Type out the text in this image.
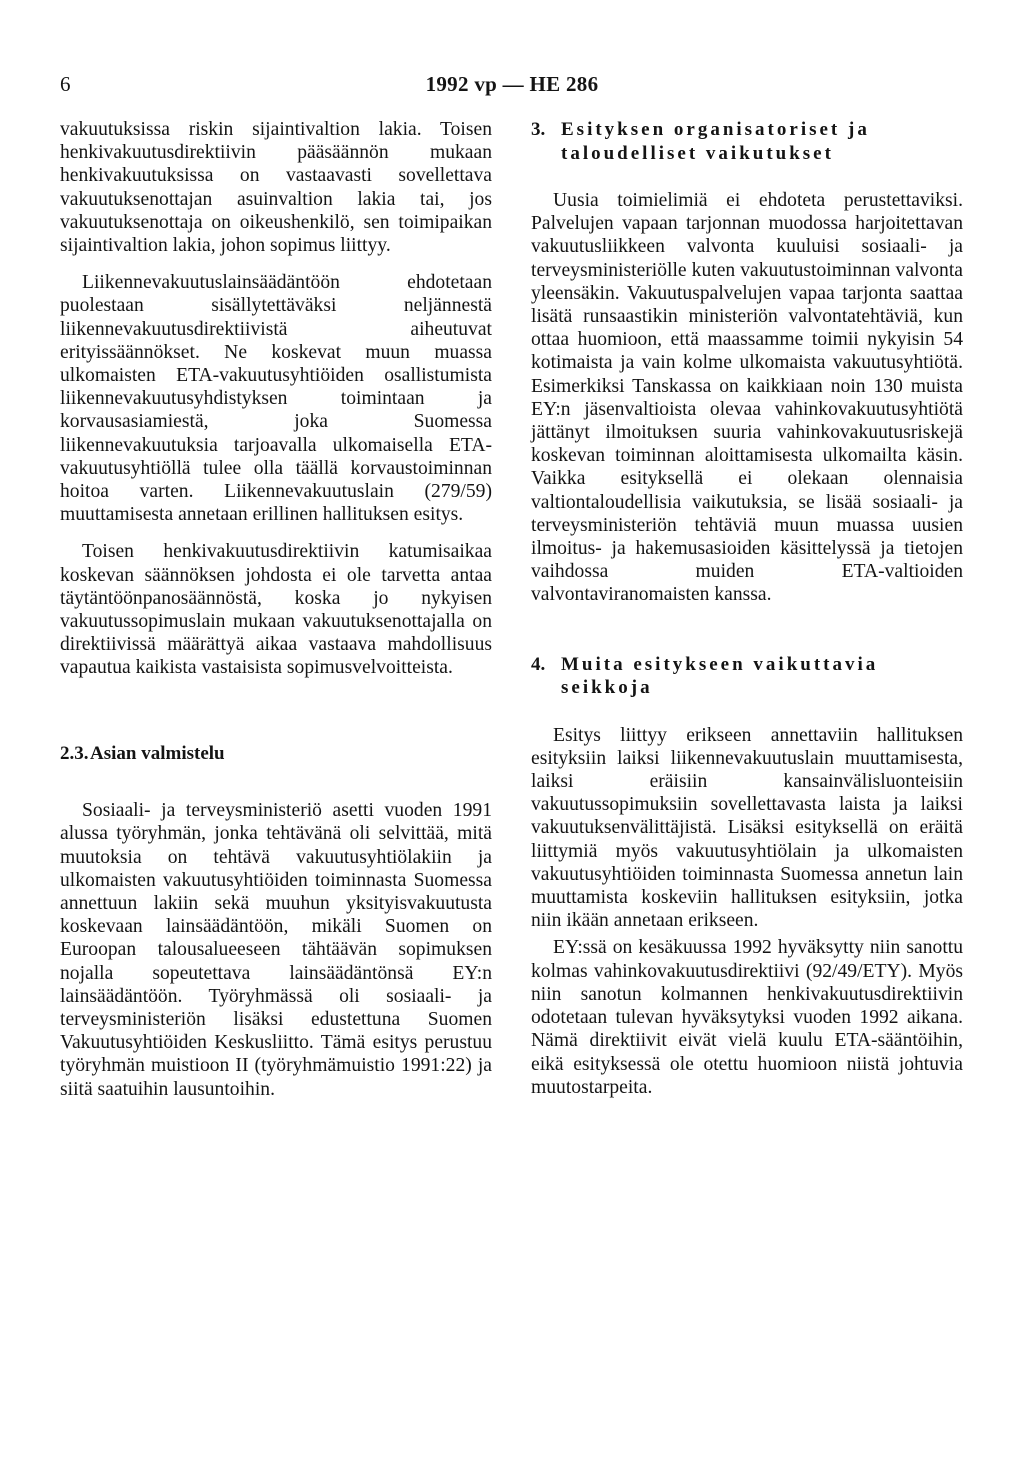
6	1992 vp — HE 286

vakuutuksissa riskin sijaintivaltion lakia. Toisen henkivakuutusdirektiivin pääsäännön mukaan henkivakuutuksissa on vastaavasti sovellettava vakuutuksenottajan asuinvaltion lakia tai, jos vakuutuksenottaja on oikeushenkilö, sen toimipaikan sijaintivaltion lakia, johon sopimus liittyy.

Liikennevakuutuslainsäädäntöön ehdotetaan puolestaan sisällytettäväksi neljännestä liikennevakuutusdirektiivistä aiheutuvat erityissäännökset. Ne koskevat muun muassa ulkomaisten ETA-vakuutusyhtiöiden osallistumista liikennevakuutusyhdistyksen toimintaan ja korvausasiamiestä, joka Suomessa liikennevakuutuksia tarjoavalla ulkomaisella ETA-vakuutusyhtiöllä tulee olla täällä korvaustoiminnan hoitoa varten. Liikennevakuutuslain (279/59) muuttamisesta annetaan erillinen hallituksen esitys.

Toisen henkivakuutusdirektiivin katumisaikaa koskevan säännöksen johdosta ei ole tarvetta antaa täytäntöönpanosäännöstä, koska jo nykyisen vakuutussopimuslain mukaan vakuutuksenottajalla on direktiivissä määrättyä aikaa vastaava mahdollisuus vapautua kaikista vastaisista sopimusvelvoitteista.

2.3. Asian valmistelu

Sosiaali- ja terveysministeriö asetti vuoden 1991 alussa työryhmän, jonka tehtävänä oli selvittää, mitä muutoksia on tehtävä vakuutusyhtiölakiin ja ulkomaisten vakuutusyhtiöiden toiminnasta Suomessa annettuun lakiin sekä muuhun yksityisvakuutusta koskevaan lainsäädäntöön, mikäli Suomen on Euroopan talousalueeseen tähtäävän sopimuksen nojalla sopeutettava lainsäädäntönsä EY:n lainsäädäntöön. Työryhmässä oli sosiaali- ja terveysministeriön lisäksi edustettuna Suomen Vakuutusyhtiöiden Keskusliitto. Tämä esitys perustuu työryhmän muistioon II (työryhmämuistio 1991:22) ja siitä saatuihin lausuntoihin.

3. Esityksen organisatoriset ja taloudelliset vaikutukset

Uusia toimielimiä ei ehdoteta perustettaviksi. Palvelujen vapaan tarjonnan muodossa harjoitettavan vakuutusliikkeen valvonta kuuluisi sosiaali- ja terveysministeriölle kuten vakuutustoiminnan valvonta yleensäkin. Vakuutuspalvelujen vapaa tarjonta saattaa lisätä runsaastikin ministeriön valvontatehtäviä, kun ottaa huomioon, että maassamme toimii nykyisin 54 kotimaista ja vain kolme ulkomaista vakuutusyhtiötä. Esimerkiksi Tanskassa on kaikkiaan noin 130 muista EY:n jäsenvaltioista olevaa vahinkovakuutusyhtiötä jättänyt ilmoituksen suuria vahinkovakuutusriskejä koskevan toiminnan aloittamisesta ulkomailta käsin. Vaikka esityksellä ei olekaan olennaisia valtiontaloudellisia vaikutuksia, se lisää sosiaali- ja terveysministeriön tehtäviä muun muassa uusien ilmoitus- ja hakemusasioiden käsittelyssä ja tietojen vaihdossa muiden ETA-valtioiden valvontaviranomaisten kanssa.

4. Muita esitykseen vaikuttavia seikkoja

Esitys liittyy erikseen annettaviin hallituksen esityksiin laiksi liikennevakuutuslain muuttamisesta, laiksi eräisiin kansainvälisluonteisiin vakuutussopimuksiin sovellettavasta laista ja laiksi vakuutuksenvälittäjistä. Lisäksi esityksellä on eräitä liittymiä myös vakuutusyhtiölain ja ulkomaisten vakuutusyhtiöiden toiminnasta Suomessa annetun lain muuttamista koskeviin hallituksen esityksiin, jotka niin ikään annetaan erikseen.

EY:ssä on kesäkuussa 1992 hyväksytty niin sanottu kolmas vahinkovakuutusdirektiivi (92/49/ETY). Myös niin sanotun kolmannen henkivakuutusdirektiivin odotetaan tulevan hyväksytyksi vuoden 1992 aikana. Nämä direktiivit eivät vielä kuulu ETA-sääntöihin, eikä esityksessä ole otettu huomioon niistä johtuvia muutostarpeita.
